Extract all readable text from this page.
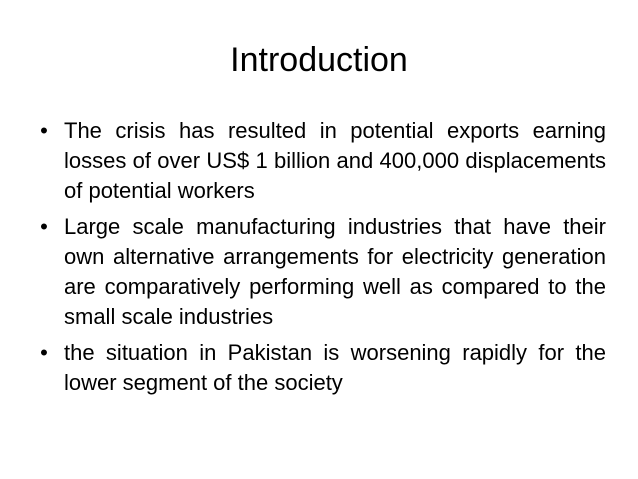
Introduction
• The crisis has resulted in potential exports earning losses of over US$ 1 billion and 400,000 displacements of potential workers
• Large scale manufacturing industries that have their own alternative arrangements for electricity generation are comparatively performing well as compared to the small scale industries
• the situation in Pakistan is worsening rapidly for the lower segment of the society
